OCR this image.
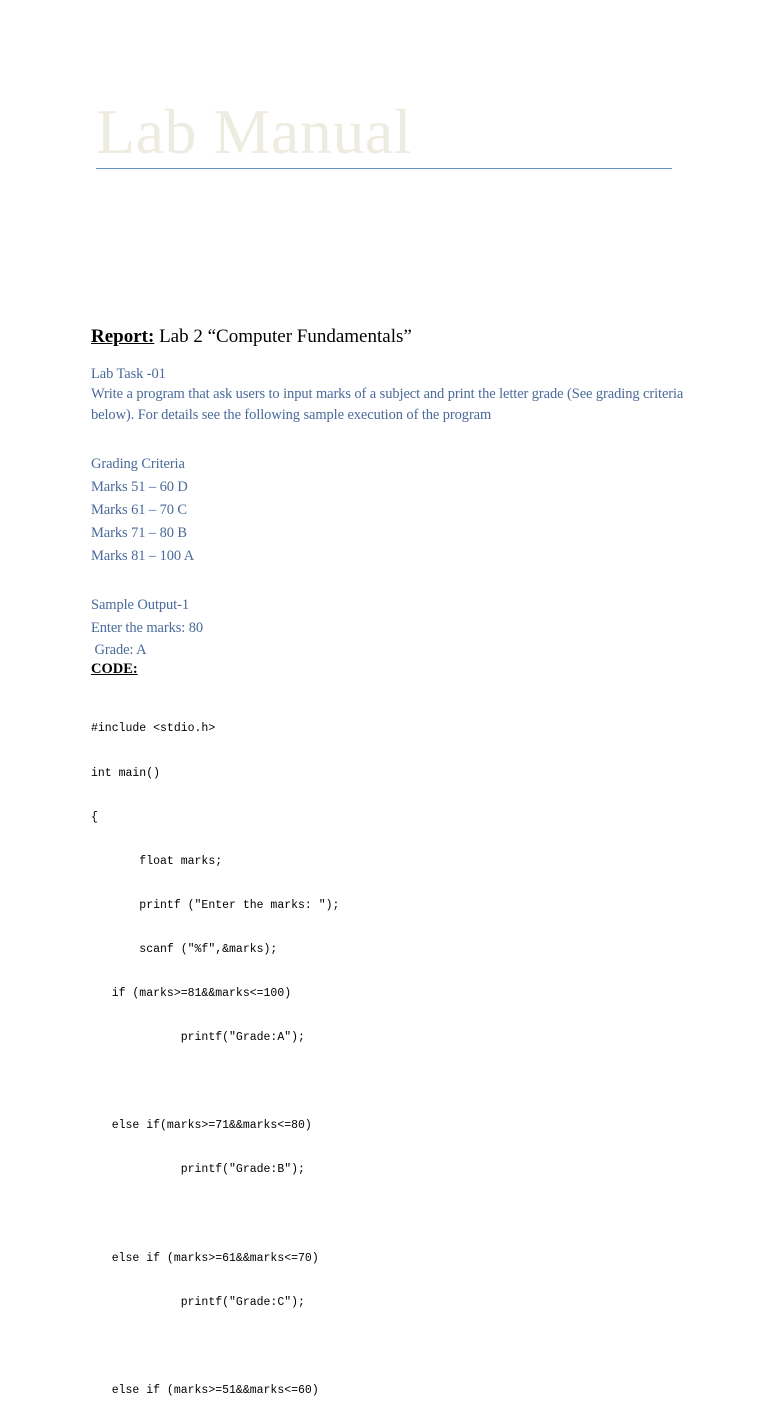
Lab Manual
Report: Lab 2 “Computer Fundamentals”

Lab Task -01

Write a program that ask users to input marks of a subject and print the letter grade (See grading criteria below). For details see the following sample execution of the program

Grading Criteria

Marks 51 – 60 D

Marks 61 – 70 C

Marks 71 – 80 B

Marks 81 – 100 A

Sample Output-1

Enter the marks: 80

Grade: A

CODE:

#include <stdio.h>

int main()

{

float marks;

printf ("Enter the marks: ");

scanf ("%f",&marks);

if (marks>=81&&marks<=100)

printf("Grade:A");

else if(marks>=71&&marks<=80)

printf("Grade:B");

else if (marks>=61&&marks<=70)

printf("Grade:C");

else if (marks>=51&&marks<=60)
